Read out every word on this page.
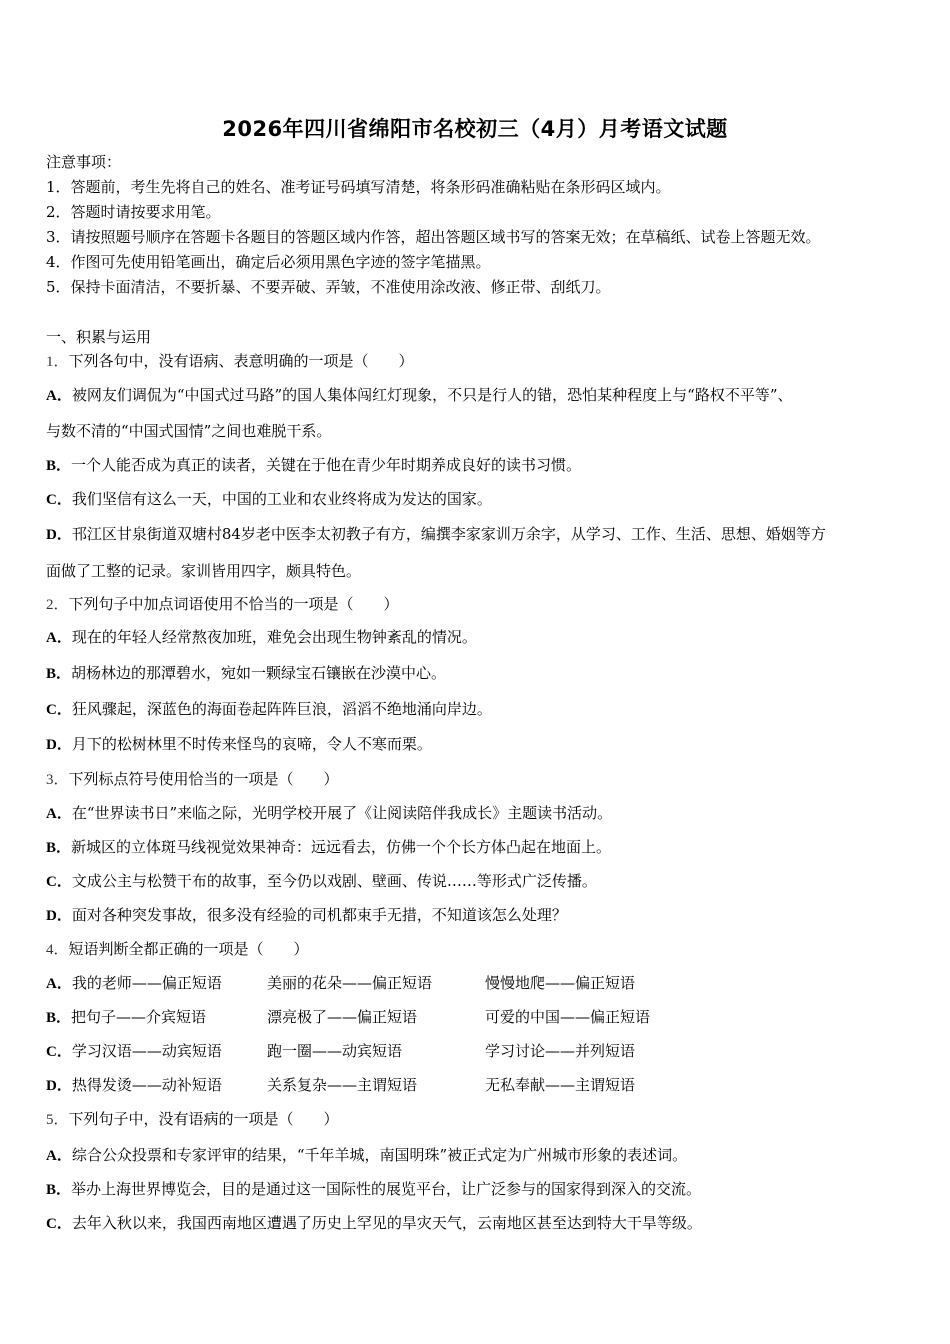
2026年四川省绵阳市名校初三（4月）月考语文试题
注意事项：
1．答题前，考生先将自己的姓名、准考证号码填写清楚，将条形码准确粘贴在条形码区域内。
2．答题时请按要求用笔。
3．请按照题号顺序在答题卡各题目的答题区域内作答，超出答题区域书写的答案无效；在草稿纸、试卷上答题无效。
4．作图可先使用铅笔画出，确定后必须用黑色字迹的签字笔描黑。
5．保持卡面清洁，不要折暴、不要弄破、弄皱，不准使用涂改液、修正带、刮纸刀。
一、积累与运用
1．下列各句中，没有语病、表意明确的一项是（　　）
A．被网友们调侃为“中国式过马路”的国人集体闯红灯现象，不只是行人的错，恐怕某种程度上与“路权不平等”、
与数不清的“中国式国情”之间也难脱干系。
B．一个人能否成为真正的读者，关键在于他在青少年时期养成良好的读书习惯。
C．我们坚信有这么一天，中国的工业和农业终将成为发达的国家。
D．邗江区甘泉街道双塘村84岁老中医李太初教子有方，编撰李家家训万余字，从学习、工作、生活、思想、婚姻等方
面做了工整的记录。家训皆用四字，颇具特色。
2．下列句子中加点词语使用不恰当的一项是（　　）
A．现在的年轻人经常熬夜加班，难免会出现生物钟紊乱的情况。
B．胡杨林边的那潭碧水，宛如一颗绿宝石镶嵌在沙漠中心。
C．狂风骤起，深蓝色的海面卷起阵阵巨浪，滔滔不绝地涌向岸边。
D．月下的松树林里不时传来怪鸟的哀啼，令人不寒而栗。
3．下列标点符号使用恰当的一项是（　　）
A．在“世界读书日”来临之际，光明学校开展了《让阅读陪伴我成长》主题读书活动。
B．新城区的立体斑马线视觉效果神奇：远远看去，仿佛一个个长方体凸起在地面上。
C．文成公主与松赞干布的故事，至今仍以戏剧、壁画、传说……等形式广泛传播。
D．面对各种突发事故，很多没有经验的司机都束手无措，不知道该怎么处理？
4．短语判断全都正确的一项是（　　）
A．我的老师——偏正短语	美丽的花朵——偏正短语	慢慢地爬——偏正短语
B．把句子——介宾短语	漂亮极了——偏正短语	可爱的中国——偏正短语
C．学习汉语——动宾短语	跑一圈——动宾短语	学习讨论——并列短语
D．热得发烫——动补短语	关系复杂——主谓短语	无私奉献——主谓短语
5．下列句子中，没有语病的一项是（　　）
A．综合公众投票和专家评审的结果，“千年羊城，南国明珠”被正式定为广州城市形象的表述词。
B．举办上海世界博览会，目的是通过这一国际性的展览平台，让广泛参与的国家得到深入的交流。
C．去年入秋以来，我国西南地区遭遇了历史上罕见的旱灾天气，云南地区甚至达到特大干旱等级。
